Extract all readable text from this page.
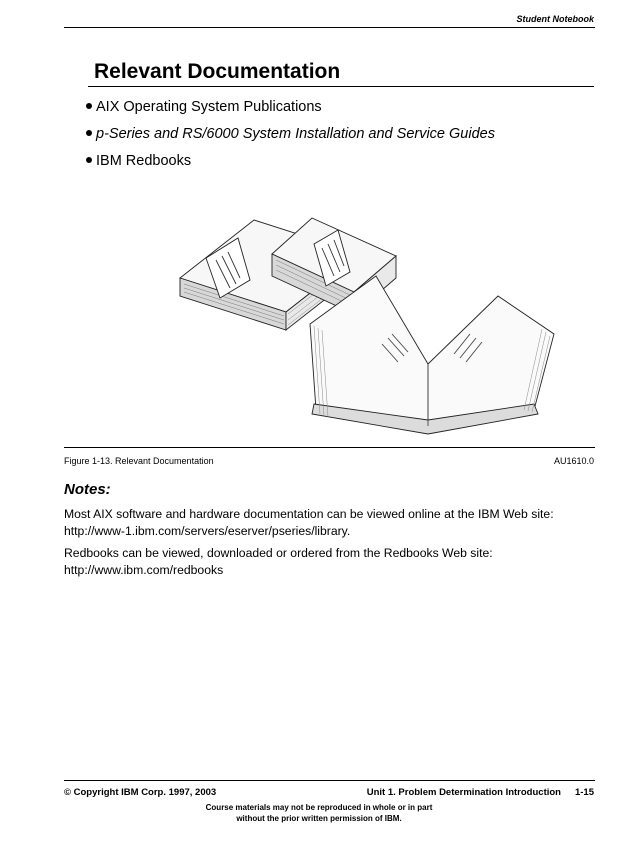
Student Notebook
Relevant Documentation
AIX Operating System Publications
p-Series and RS/6000 System Installation and Service Guides
IBM Redbooks
Figure 1-13. Relevant Documentation	AU1610.0
Notes:
Most AIX software and hardware documentation can be viewed online at the IBM Web site:
http://www-1.ibm.com/servers/eserver/pseries/library.
Redbooks can be viewed, downloaded or ordered from the Redbooks Web site:
http://www.ibm.com/redbooks
© Copyright IBM Corp. 1997, 2003	Unit 1. Problem Determination Introduction 1-15
Course materials may not be reproduced in whole or in part
without the prior written permission of IBM.
